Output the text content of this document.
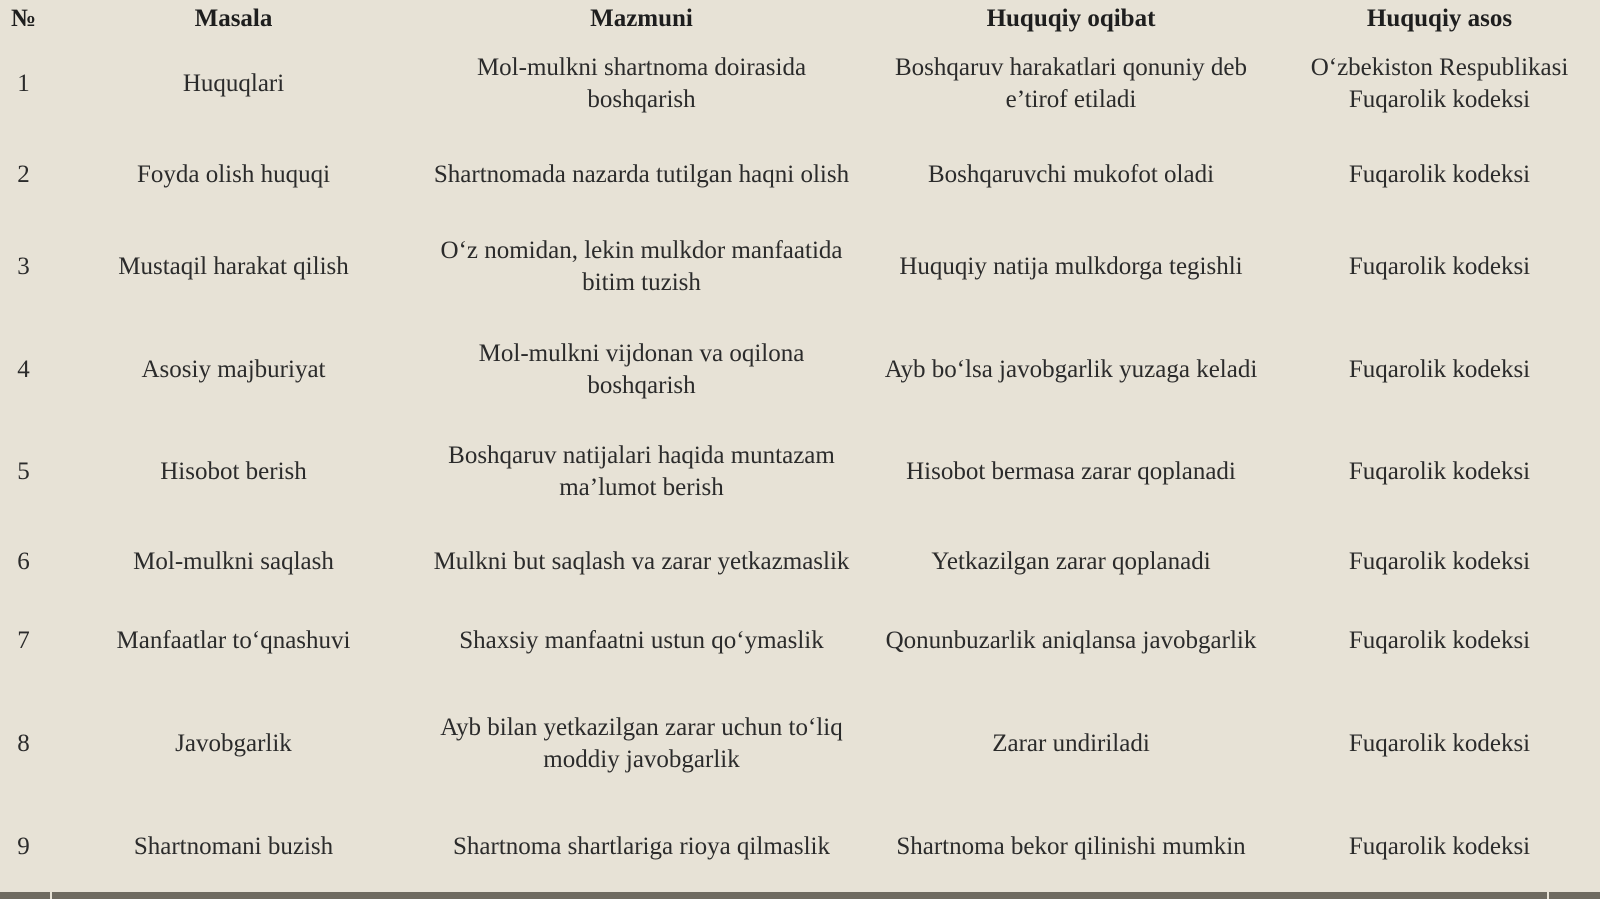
№	Masala	Mazmuni	Huquqiy oqibat	Huquqiy asos
1	Huquqlari	Mol-mulkni shartnoma doirasida boshqarish	Boshqaruv harakatlari qonuniy deb e’tirof etiladi	O‘zbekiston Respublikasi Fuqarolik kodeksi
2	Foyda olish huquqi	Shartnomada nazarda tutilgan haqni olish	Boshqaruvchi mukofot oladi	Fuqarolik kodeksi
3	Mustaqil harakat qilish	O‘z nomidan, lekin mulkdor manfaatida bitim tuzish	Huquqiy natija mulkdorga tegishli	Fuqarolik kodeksi
4	Asosiy majburiyat	Mol-mulkni vijdonan va oqilona boshqarish	Ayb bo‘lsa javobgarlik yuzaga keladi	Fuqarolik kodeksi
5	Hisobot berish	Boshqaruv natijalari haqida muntazam ma’lumot berish	Hisobot bermasa zarar qoplanadi	Fuqarolik kodeksi
6	Mol-mulkni saqlash	Mulkni but saqlash va zarar yetkazmaslik	Yetkazilgan zarar qoplanadi	Fuqarolik kodeksi
7	Manfaatlar to‘qnashuvi	Shaxsiy manfaatni ustun qo‘ymaslik	Qonunbuzarlik aniqlansa javobgarlik	Fuqarolik kodeksi
8	Javobgarlik	Ayb bilan yetkazilgan zarar uchun to‘liq moddiy javobgarlik	Zarar undiriladi	Fuqarolik kodeksi
9	Shartnomani buzish	Shartnoma shartlariga rioya qilmaslik	Shartnoma bekor qilinishi mumkin	Fuqarolik kodeksi
